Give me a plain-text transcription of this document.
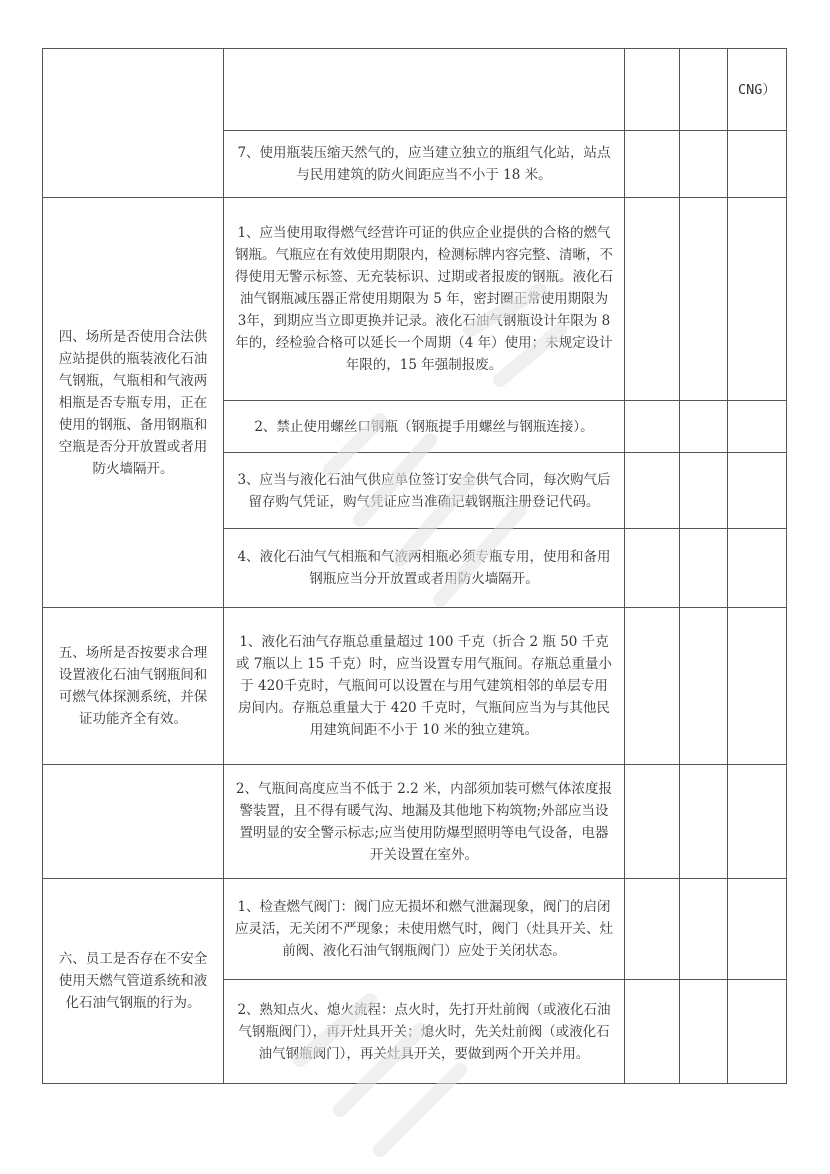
				CNG）
	7、使用瓶装压缩天然气的，应当建立独立的瓶组气化站，站点与民用建筑的防火间距应当不小于 18 米。			
四、场所是否使用合法供应站提供的瓶装液化石油气钢瓶，气瓶相和气液两相瓶是否专瓶专用，正在使用的钢瓶、备用钢瓶和空瓶是否分开放置或者用防火墙隔开。	1、应当使用取得燃气经营许可证的供应企业提供的合格的燃气钢瓶。气瓶应在有效使用期限内，检测标牌内容完整、清晰，不得使用无警示标签、无充装标识、过期或者报废的钢瓶。液化石油气钢瓶减压器正常使用期限为 5 年，密封圈正常使用期限为 3年，到期应当立即更换并记录。液化石油气钢瓶设计年限为 8 年的，经检验合格可以延长一个周期（4 年）使用；未规定设计年限的，15 年强制报废。			
	2、禁止使用螺丝口钢瓶（钢瓶提手用螺丝与钢瓶连接）。			
	3、应当与液化石油气供应单位签订安全供气合同，每次购气后留存购气凭证，购气凭证应当准确记载钢瓶注册登记代码。			
	4、液化石油气气相瓶和气液两相瓶必须专瓶专用，使用和备用钢瓶应当分开放置或者用防火墙隔开。			
五、场所是否按要求合理设置液化石油气钢瓶间和可燃气体探测系统，并保证功能齐全有效。	1、液化石油气存瓶总重量超过 100 千克（折合 2 瓶 50 千克或 7瓶以上 15 千克）时，应当设置专用气瓶间。存瓶总重量小于 420千克时，气瓶间可以设置在与用气建筑相邻的单层专用房间内。存瓶总重量大于 420 千克时，气瓶间应当为与其他民用建筑间距不小于 10 米的独立建筑。			
	2、气瓶间高度应当不低于 2.2 米，内部须加装可燃气体浓度报警装置，且不得有暖气沟、地漏及其他地下构筑物;外部应当设置明显的安全警示标志;应当使用防爆型照明等电气设备，电器开关设置在室外。			
六、员工是否存在不安全使用天燃气管道系统和液化石油气钢瓶的行为。	1、检查燃气阀门：阀门应无损坏和燃气泄漏现象，阀门的启闭应灵活，无关闭不严现象；未使用燃气时，阀门（灶具开关、灶前阀、液化石油气钢瓶阀门）应处于关闭状态。			
	2、熟知点火、熄火流程：点火时，先打开灶前阀（或液化石油气钢瓶阀门），再开灶具开关；熄火时，先关灶前阀（或液化石油气钢瓶阀门），再关灶具开关，要做到两个开关并用。			
